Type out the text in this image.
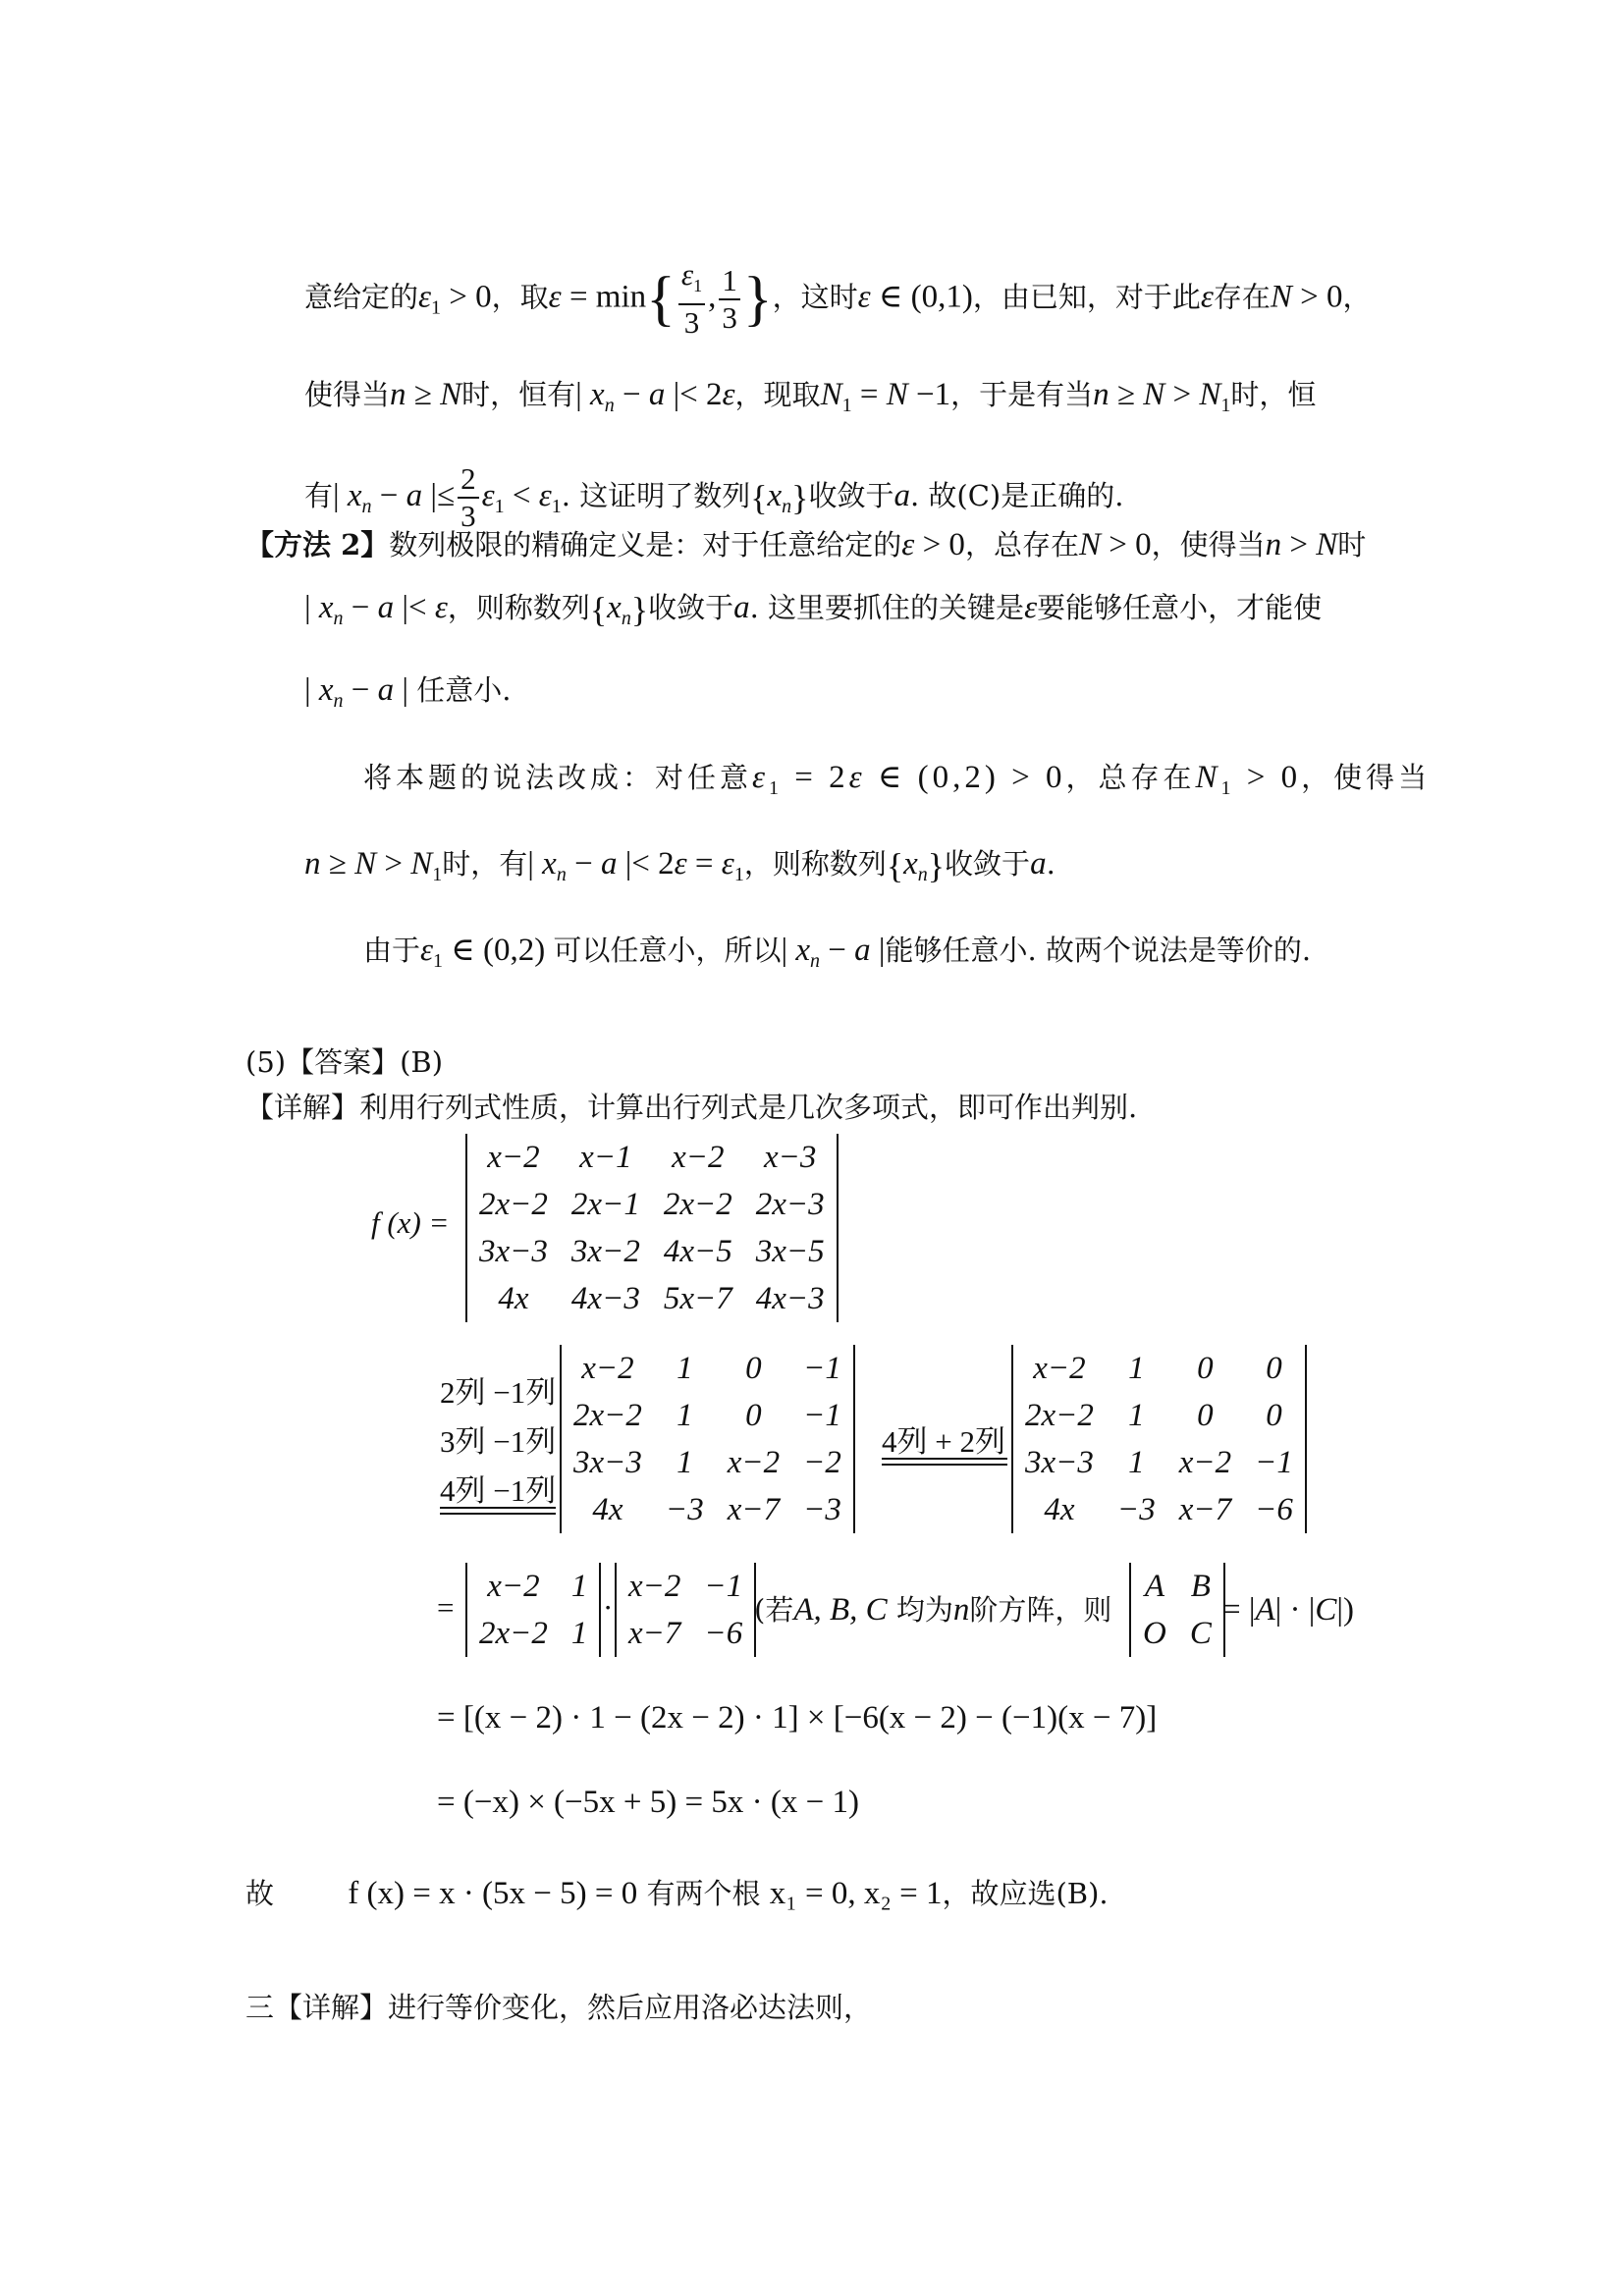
意给定的$\varepsilon_1 > 0$，取$\varepsilon = \min\{ \frac{\varepsilon_1}{3}$ , $\frac{1}{3}$ }，这时ε ∈ (0,1)，由已知，对于此ε存在N > 0，
使得当n ≥ N时，恒有| $x_n - a$ |< 2ε，现取$N_1 = N -1$，于是有当$n \ge N > N_1$时，恒
有| $x_n - a$ |≤ $\frac{2}{3} \varepsilon_1 < \varepsilon_1$. 这证明了数列$\{x_n\}$收敛于a. 故(C)是正确的.
【方法 2】数列极限的精确定义是：对于任意给定的ε > 0，总存在N > 0，使得当n > N时
| $x_n - a$ |< ε，则称数列$\{x_n\}$收敛于a. 这里要抓住的关键是ε要能够任意小，才能使
| $x_n - a$ | 任意小.
将本题的说法改成：对任意$\varepsilon_1 = 2\varepsilon$ ∈ (0,2) > 0，总存在$N_1 > 0$，使得当
$n \ge N > N_1$时，有| $x_n - a$ |< $2\varepsilon = \varepsilon_1$，则称数列$\{x_n\}$收敛于a.
由于$\varepsilon_1$ ∈ (0,2) 可以任意小，所以| $x_n - a$ |能够任意小. 故两个说法是等价的.
(5)【答案】(B)
【详解】利用行列式性质，计算出行列式是几次多项式，即可作出判别.
f (x) =
x−2	x−1	x−2	x−3
2x−2	2x−1	2x−2	2x−3
3x−3	3x−2	4x−5	3x−5
4x	4x−3	5x−7	4x−3
2列 −1列
3列 −1列
4列 −1列
x−2	1	0	−1
2x−2	1	0	−1
3x−3	1	x−2	−2
4x	−3	x−7	−3
4列 + 2列
x−2	1	0	0
2x−2	1	0	0
3x−3	1	x−2	−1
4x	−3	x−7	−6
=
x−2	1
2x−2	1
·
x−2	−1
x−7	−6
(若A, B, C 均为n阶方阵，则
A	B
O	C
= |A| · |C|)
= [(x − 2) · 1 − (2x − 2) · 1] × [−6(x − 2) − (−1)(x − 7)]
= (−x) × (−5x + 5) = 5x · (x − 1)
故 f (x) = x · (5x − 5) = 0 有两个根 x₁ = 0, x₂ = 1，故应选(B).
三【详解】进行等价变化，然后应用洛必达法则，
